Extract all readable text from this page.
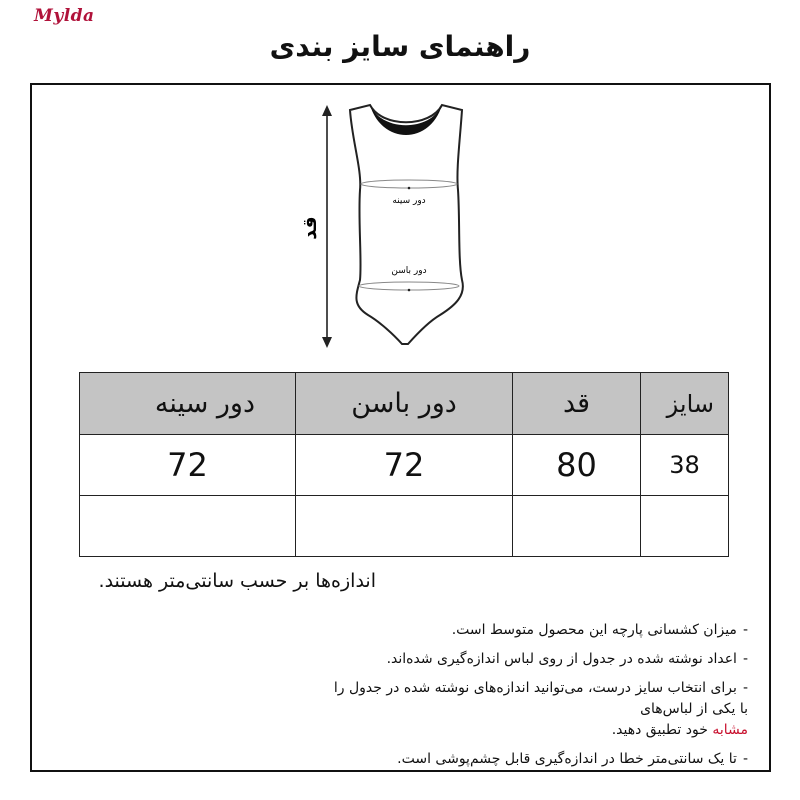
Mylda
راهنمای سایز بندی
قد
دور سینه
دور باسن
سایز	قد	دور باسن	دور سینه
38	80	72	72

اندازه‌ها بر حسب سانتی‌متر هستند.
-میزان کشسانی پارچه این محصول متوسط است.
-اعداد نوشته شده در جدول از روی لباس اندازه‌گیری شده‌اند.
-برای انتخاب سایز درست، می‌توانید اندازه‌های نوشته شده در جدول را با یکی از لباس‌های
مشابه خود تطبیق دهید.
-تا یک سانتی‌متر خطا در اندازه‌گیری قابل چشم‌پوشی است.
